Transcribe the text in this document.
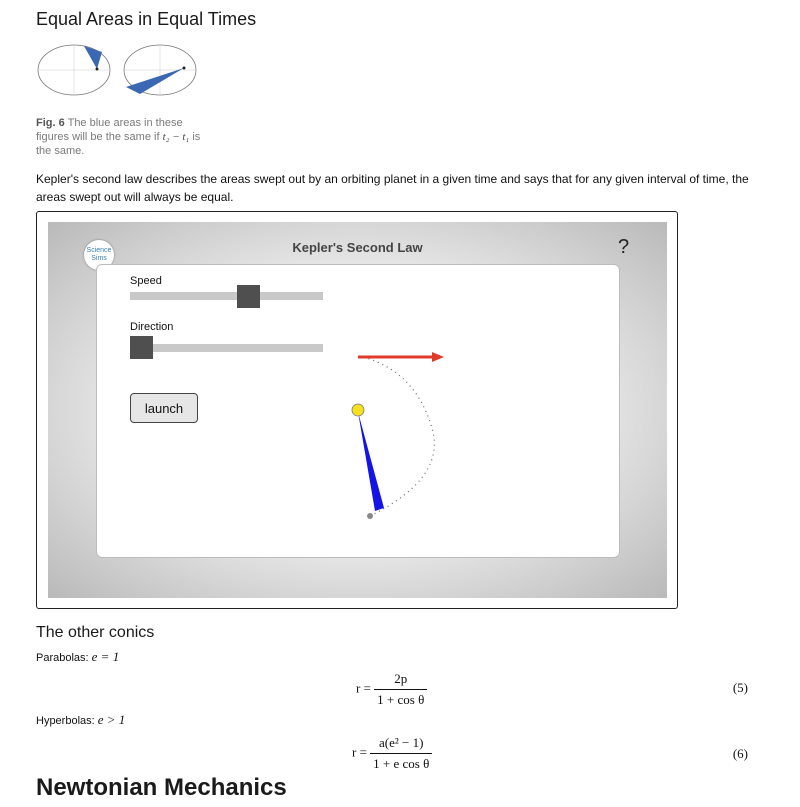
Equal Areas in Equal Times
Fig. 6 The blue areas in these figures will be the same if t₂ − t₁ is the same.
Kepler's second law describes the areas swept out by an orbiting planet in a given time and says that for any given interval of time, the areas swept out will always be equal.
Science
Sims
Kepler's Second Law	?
Speed
Direction
launch
The other conics
Parabolas: e = 1
$r = \frac{2p}{\text{1 + cos θ}}$	(5)
Hyperbolas: e > 1
$r = \frac{\text{a(e² − 1)}}{\text{1 + e cos θ}}$	(6)
Newtonian Mechanics
